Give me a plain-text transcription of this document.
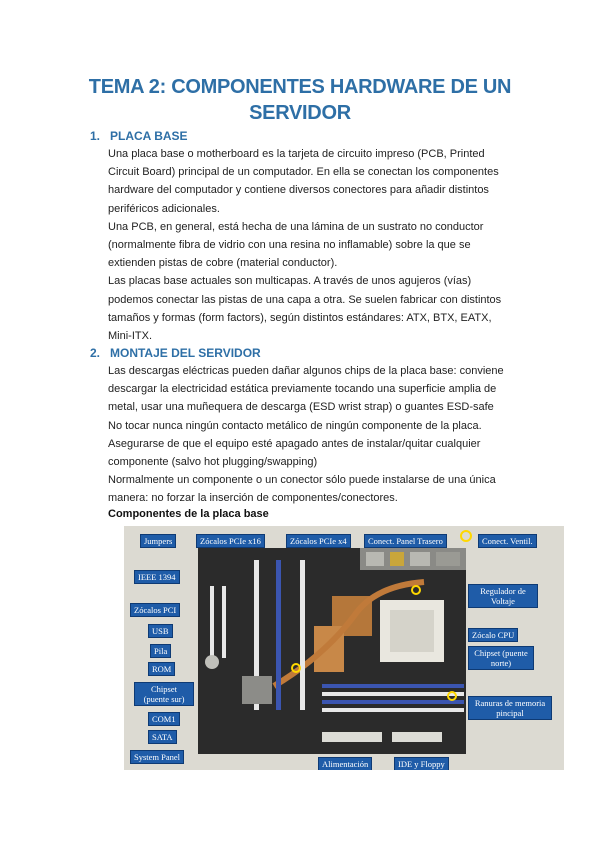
TEMA 2: COMPONENTES HARDWARE DE UN
SERVIDOR
1. PLACA BASE
Una placa base o motherboard es la tarjeta de circuito impreso (PCB, Printed
Circuit Board) principal de un computador. En ella se conectan los componentes
hardware del computador y contiene diversos conectores para añadir distintos
periféricos adicionales.
Una PCB, en general, está hecha de una lámina de un sustrato no conductor
(normalmente fibra de vidrio con una resina no inflamable) sobre la que se
extienden pistas de cobre (material conductor).
Las placas base actuales son multicapas. A través de unos agujeros (vías)
podemos conectar las pistas de una capa a otra. Se suelen fabricar con distintos
tamaños y formas (form factors), según distintos estándares: ATX, BTX, EATX,
Mini-ITX.
2. MONTAJE DEL SERVIDOR
Las descargas eléctricas pueden dañar algunos chips de la placa base: conviene
descargar la electricidad estática previamente tocando una superficie amplia de
metal, usar una muñequera de descarga (ESD wrist strap) o guantes ESD-safe
No tocar nunca ningún contacto metálico de ningún componente de la placa.
Asegurarse de que el equipo esté apagado antes de instalar/quitar cualquier
componente (salvo hot plugging/swapping)
Normalmente un componente o un conector sólo puede instalarse de una única
manera: no forzar la inserción de componentes/conectores.
Componentes de la placa base
Jumpers	Zócalos PCIe x16	Zócalos PCIe x4	Conect. Panel Trasero	Conect. Ventil.
IEEE 1394
Regulador de Voltaje
Zócalos PCI
USB	Zócalo CPU
Pila	Chipset (puente norte)
ROM
Chipset (puente sur)	Ranuras de memoria pincipal
COM1
SATA
System Panel
Alimentación	IDE y Floppy
